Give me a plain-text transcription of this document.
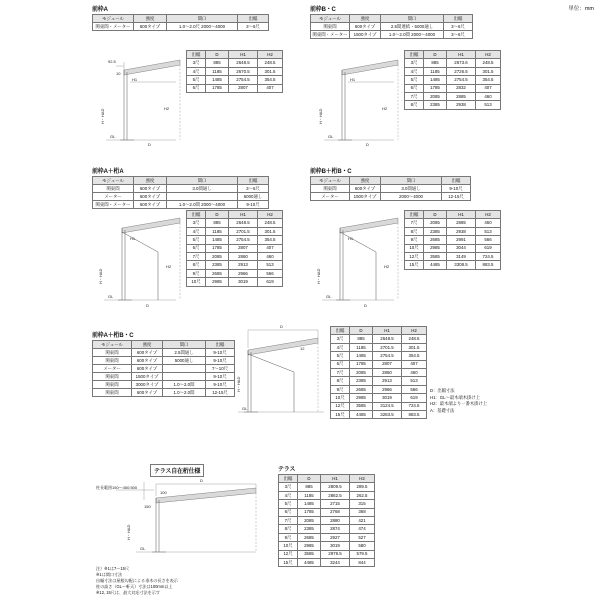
単位：mm
前枠A
モジュール	強度	間口	出幅
関東間・メーター	600タイプ	1.0～2.0尺 2000～4000	3～6尺
出幅	D	H1	H2
3尺	885	2648.5	248.5
4尺	1185	2670.5	301.5
5尺	1485	2754.5	354.5
6尺	1785	2807	407
H・HAD
D
GL
H1
H2
92.5
10
前枠B・C
モジュール	強度	間口	出幅
関東間	600タイプ	2.5間連結・5000通し	3～6尺
関東間・メーター	1500タイプ	1.0～2.0間 2000～4000	3～6尺
出幅	D	H1	H2
3尺	885	2673.6	248.5
4尺	1185	2726.5	301.5
5尺	1485	2754.5	354.5
6尺	1785	2832	407
7尺	2085	2885	460
8尺	2385	2938	513
H・HAD
D
GL
H1
H2
前枠A＋桁A
モジュール	強度	間口	出幅
関東間	600タイプ	3.0間通し	3～6尺
メーター	600タイプ		6000通し
関東間・メーター	600タイプ	1.0～2.0間 2000～4000	9-10尺
出幅	D	H1	H2
3尺	885	2648.5	248.5
4尺	1185	2701.5	301.5
5尺	1485	2754.5	354.5
6尺	1785	2807	407
7尺	2085	2860	460
8尺	2385	2913	513
9尺	2685	2966	566
10尺	2985	3019	619
H・HAD
D
GL
H1
H2
前枠B＋桁B・C
モジュール	強度	間口	出幅
関東間	600タイプ	3.0間通し	9-10尺
メーター	1500タイプ	2000～4000	12-15尺
出幅	D	H1	H2
7尺	2085	2885	460
8尺	2385	2938	513
9尺	2685	2991	566
10尺	2985	3044	619
12尺	3585	3149	724.5
15尺	4485	3308.5	883.5
H・HAD
D
GL
H1
H2
前枠A＋桁B・C
モジュール	強度	間口	出幅
関東間	600タイプ	2.5間通し	9-10尺
関東間	600タイプ	5000通し	9-10尺
メーター	600タイプ		7～10尺
関東間	1500タイプ		9-10尺
関東間	3000タイプ	1.0～2.0間	9-10尺
関東間	600タイプ	1.0～2.0間	12-15尺
出幅	D	H1	H2
3尺	885	2648.5	248.5
4尺	1185	2701.5	301.5
5尺	1485	2754.5	354.5
6尺	1785	2807	407
7尺	2085	2860	460
8尺	2385	2913	513
9尺	2685	2966	566
10尺	2985	3019	619
12尺	3585	3124.5	724.5
15尺	4485	3283.5	883.5
D：出幅寸法
H1：GL～最木端木掛け上
H2：最木端より一番木掛け上
A：基礎寸法
D
12
GL
H・HAD
テラス自在桁仕様	テラス
出幅	D	H1	H2
3尺	885	2809.5	289.5
4尺	1185	2862.5	262.5
5尺	1485	2715	315
6尺	1785	2768	368
7尺	2085	2880	421
8尺	2385	2874	474
9尺	2685	2927	527
10尺	2985	3019	580
12尺	3585	2979.5	579.5
15尺	4485	3244	844
D
柱長範囲150～450:500
150
100
GL
H・HAD
注）※1は7～15尺
※1は間口寸法
出幅寸法は屋根勾配による垂木の長さを表示
柱の高さ（GL～軒天）寸法は100mm以上
※12, 15尺は、最大対応寸法を示す
